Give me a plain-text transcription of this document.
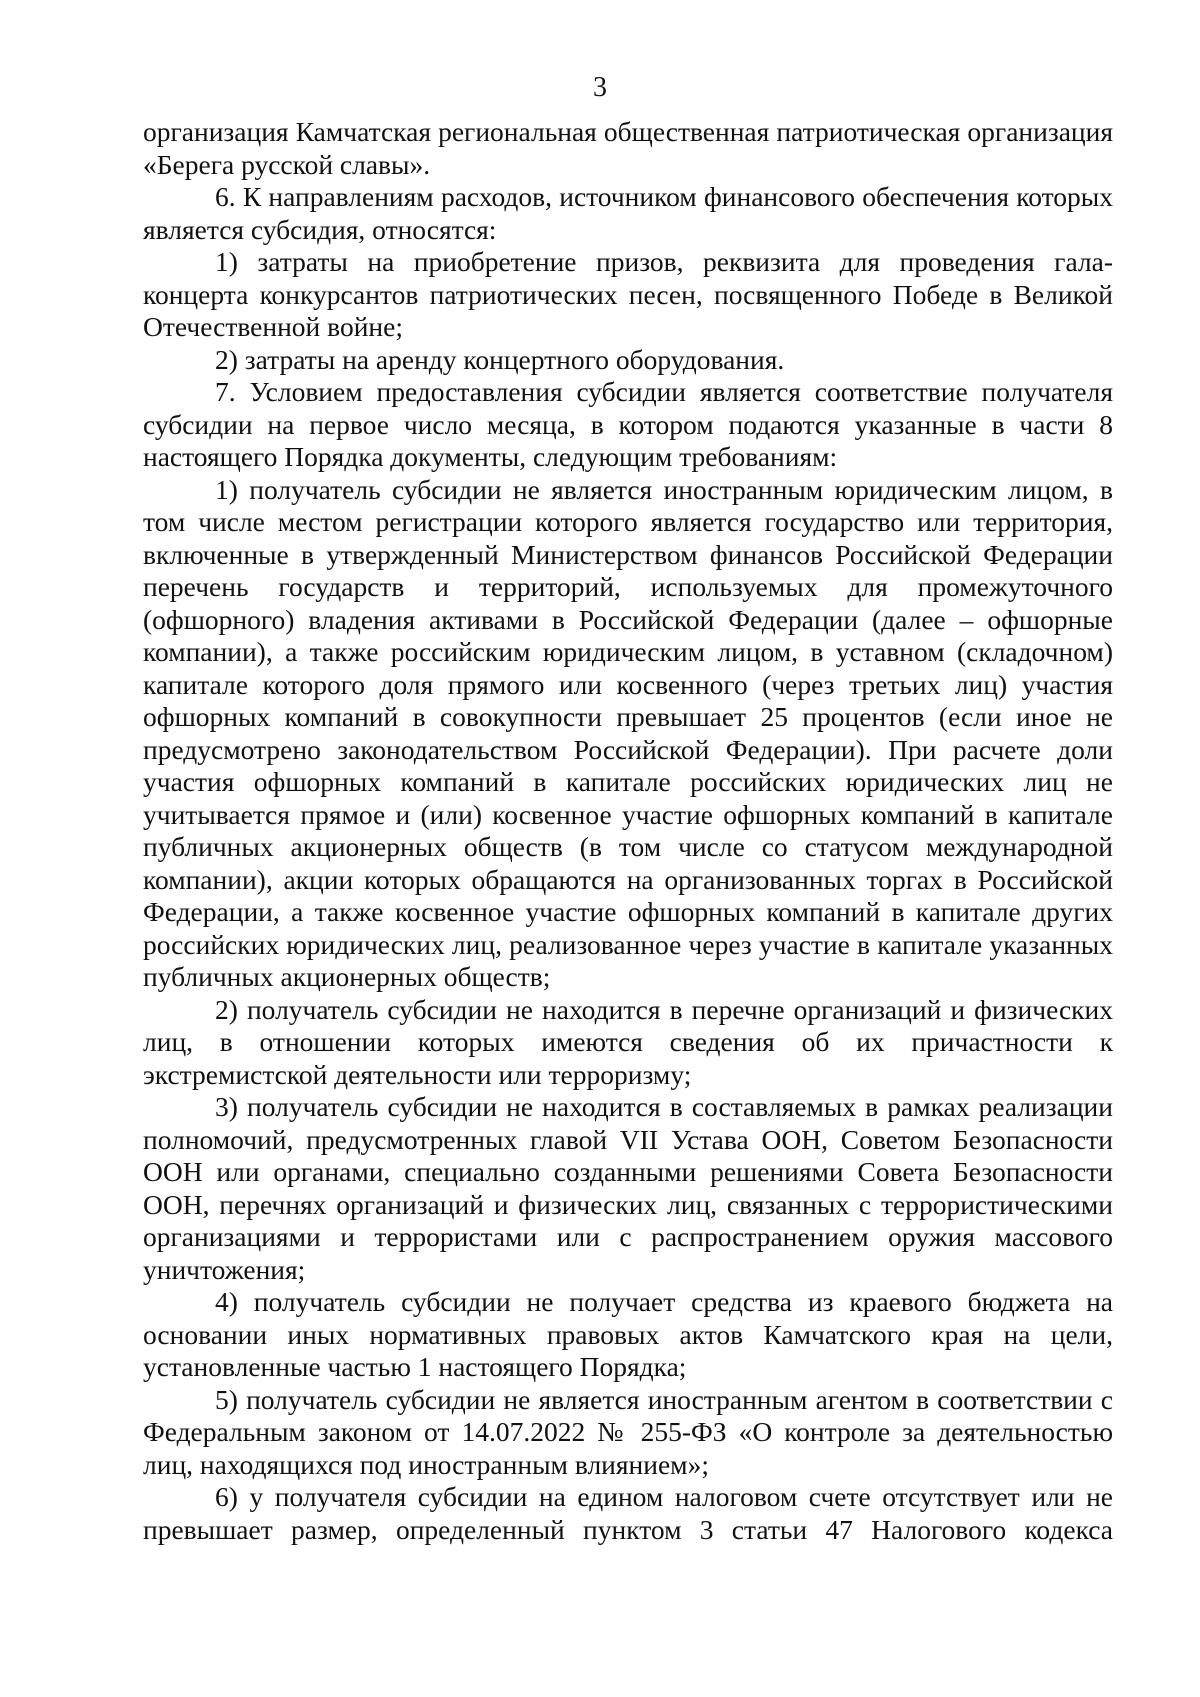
3

организация Камчатская региональная общественная патриотическая организация «Берега русской славы».

6. К направлениям расходов, источником финансового обеспечения которых является субсидия, относятся:

1) затраты на приобретение призов, реквизита для проведения гала-концерта конкурсантов патриотических песен, посвященного Победе в Великой Отечественной войне;

2) затраты на аренду концертного оборудования.

7. Условием предоставления субсидии является соответствие получателя субсидии на первое число месяца, в котором подаются указанные в части 8 настоящего Порядка документы, следующим требованиям:

1) получатель субсидии не является иностранным юридическим лицом, в том числе местом регистрации которого является государство или территория, включенные в утвержденный Министерством финансов Российской Федерации перечень государств и территорий, используемых для промежуточного (офшорного) владения активами в Российской Федерации (далее – офшорные компании), а также российским юридическим лицом, в уставном (складочном) капитале которого доля прямого или косвенного (через третьих лиц) участия офшорных компаний в совокупности превышает 25 процентов (если иное не предусмотрено законодательством Российской Федерации). При расчете доли участия офшорных компаний в капитале российских юридических лиц не учитывается прямое и (или) косвенное участие офшорных компаний в капитале публичных акционерных обществ (в том числе со статусом международной компании), акции которых обращаются на организованных торгах в Российской Федерации, а также косвенное участие офшорных компаний в капитале других российских юридических лиц, реализованное через участие в капитале указанных публичных акционерных обществ;

2) получатель субсидии не находится в перечне организаций и физических лиц, в отношении которых имеются сведения об их причастности к экстремистской деятельности или терроризму;

3) получатель субсидии не находится в составляемых в рамках реализации полномочий, предусмотренных главой VII Устава ООН, Советом Безопасности ООН или органами, специально созданными решениями Совета Безопасности ООН, перечнях организаций и физических лиц, связанных с террористическими организациями и террористами или с распространением оружия массового уничтожения;

4) получатель субсидии не получает средства из краевого бюджета на основании иных нормативных правовых актов Камчатского края на цели, установленные частью 1 настоящего Порядка;

5) получатель субсидии не является иностранным агентом в соответствии с Федеральным законом от 14.07.2022 № 255-ФЗ «О контроле за деятельностью лиц, находящихся под иностранным влиянием»;

6) у получателя субсидии на едином налоговом счете отсутствует или не превышает размер, определенный пунктом 3 статьи 47 Налогового кодекса
